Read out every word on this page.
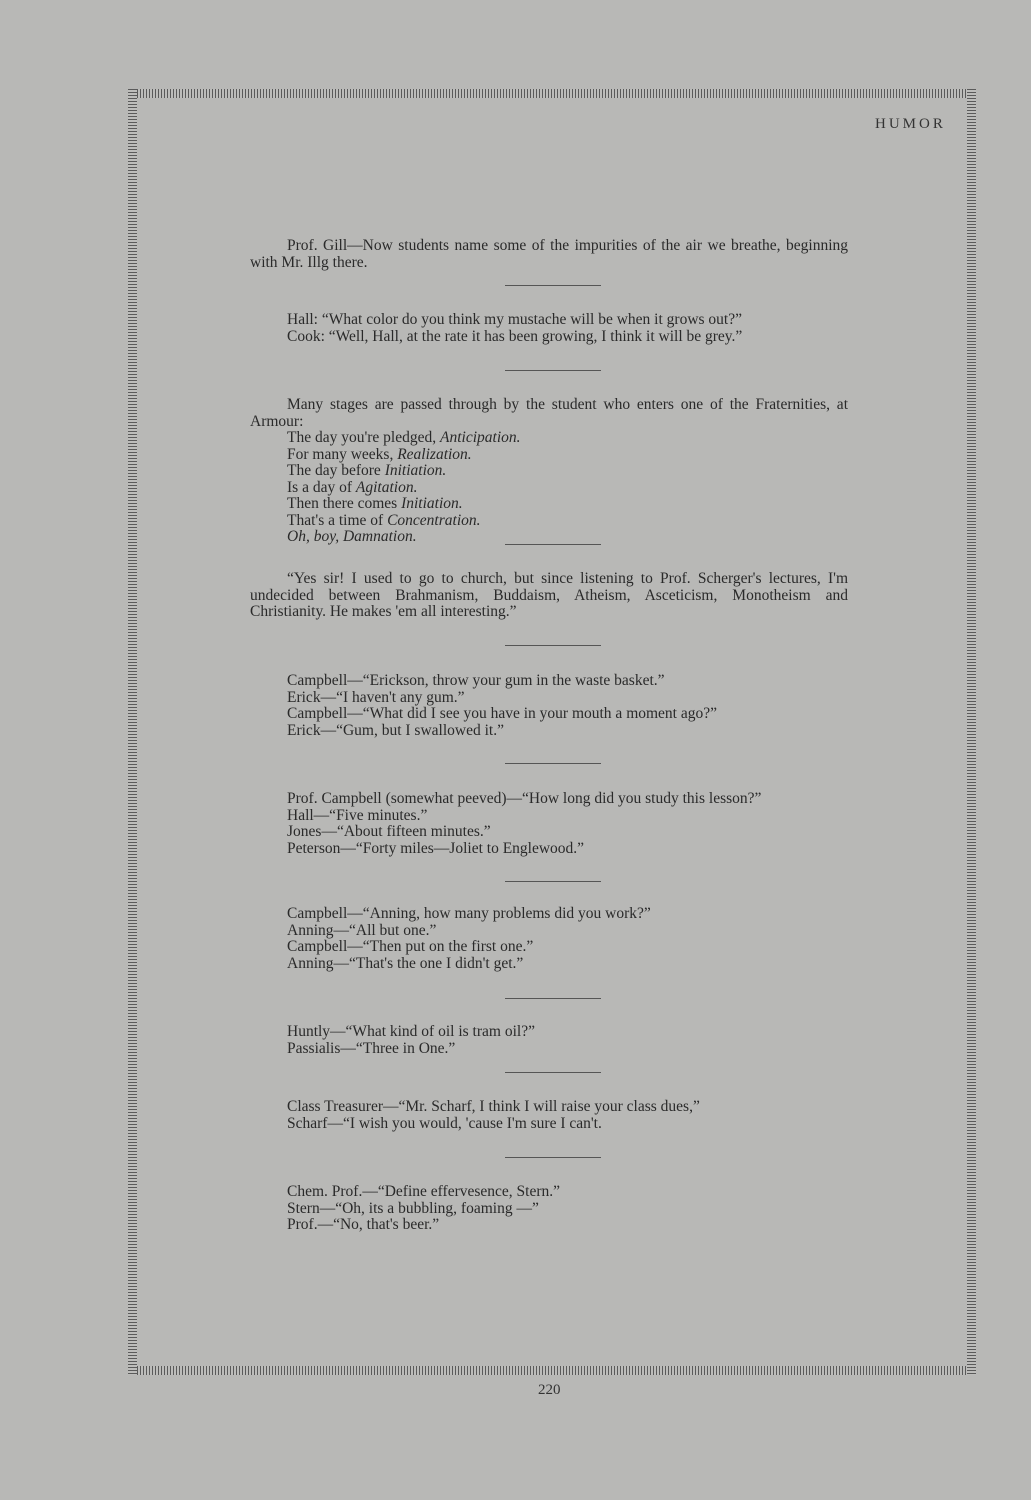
HUMOR

Prof. Gill—Now students name some of the impurities of the air we breathe, beginning with Mr. Illg there.

Hall: “What color do you think my mustache will be when it grows out?”
Cook: “Well, Hall, at the rate it has been growing, I think it will be grey.”

Many stages are passed through by the student who enters one of the Fraternities, at Armour:

The day you're pledged, Anticipation.
For many weeks, Realization.
The day before Initiation.
Is a day of Agitation.
Then there comes Initiation.
That's a time of Concentration.
Oh, boy, Damnation.

“Yes sir! I used to go to church, but since listening to Prof. Scherger's lectures, I'm undecided between Brahmanism, Buddaism, Atheism, Asceticism, Monotheism and Christianity. He makes 'em all interesting.”

Campbell—“Erickson, throw your gum in the waste basket.”
Erick—“I haven't any gum.”
Campbell—“What did I see you have in your mouth a moment ago?”
Erick—“Gum, but I swallowed it.”
Prof. Campbell (somewhat peeved)—“How long did you study this lesson?”
Hall—“Five minutes.”
Jones—“About fifteen minutes.”
Peterson—“Forty miles—Joliet to Englewood.”
Campbell—“Anning, how many problems did you work?”
Anning—“All but one.”
Campbell—“Then put on the first one.”
Anning—“That's the one I didn't get.”
Huntly—“What kind of oil is tram oil?”
Passialis—“Three in One.”
Class Treasurer—“Mr. Scharf, I think I will raise your class dues,”
Scharf—“I wish you would, 'cause I'm sure I can't.
Chem. Prof.—“Define effervesence, Stern.”
Stern—“Oh, its a bubbling, foaming —”
Prof.—“No, that's beer.”
220
